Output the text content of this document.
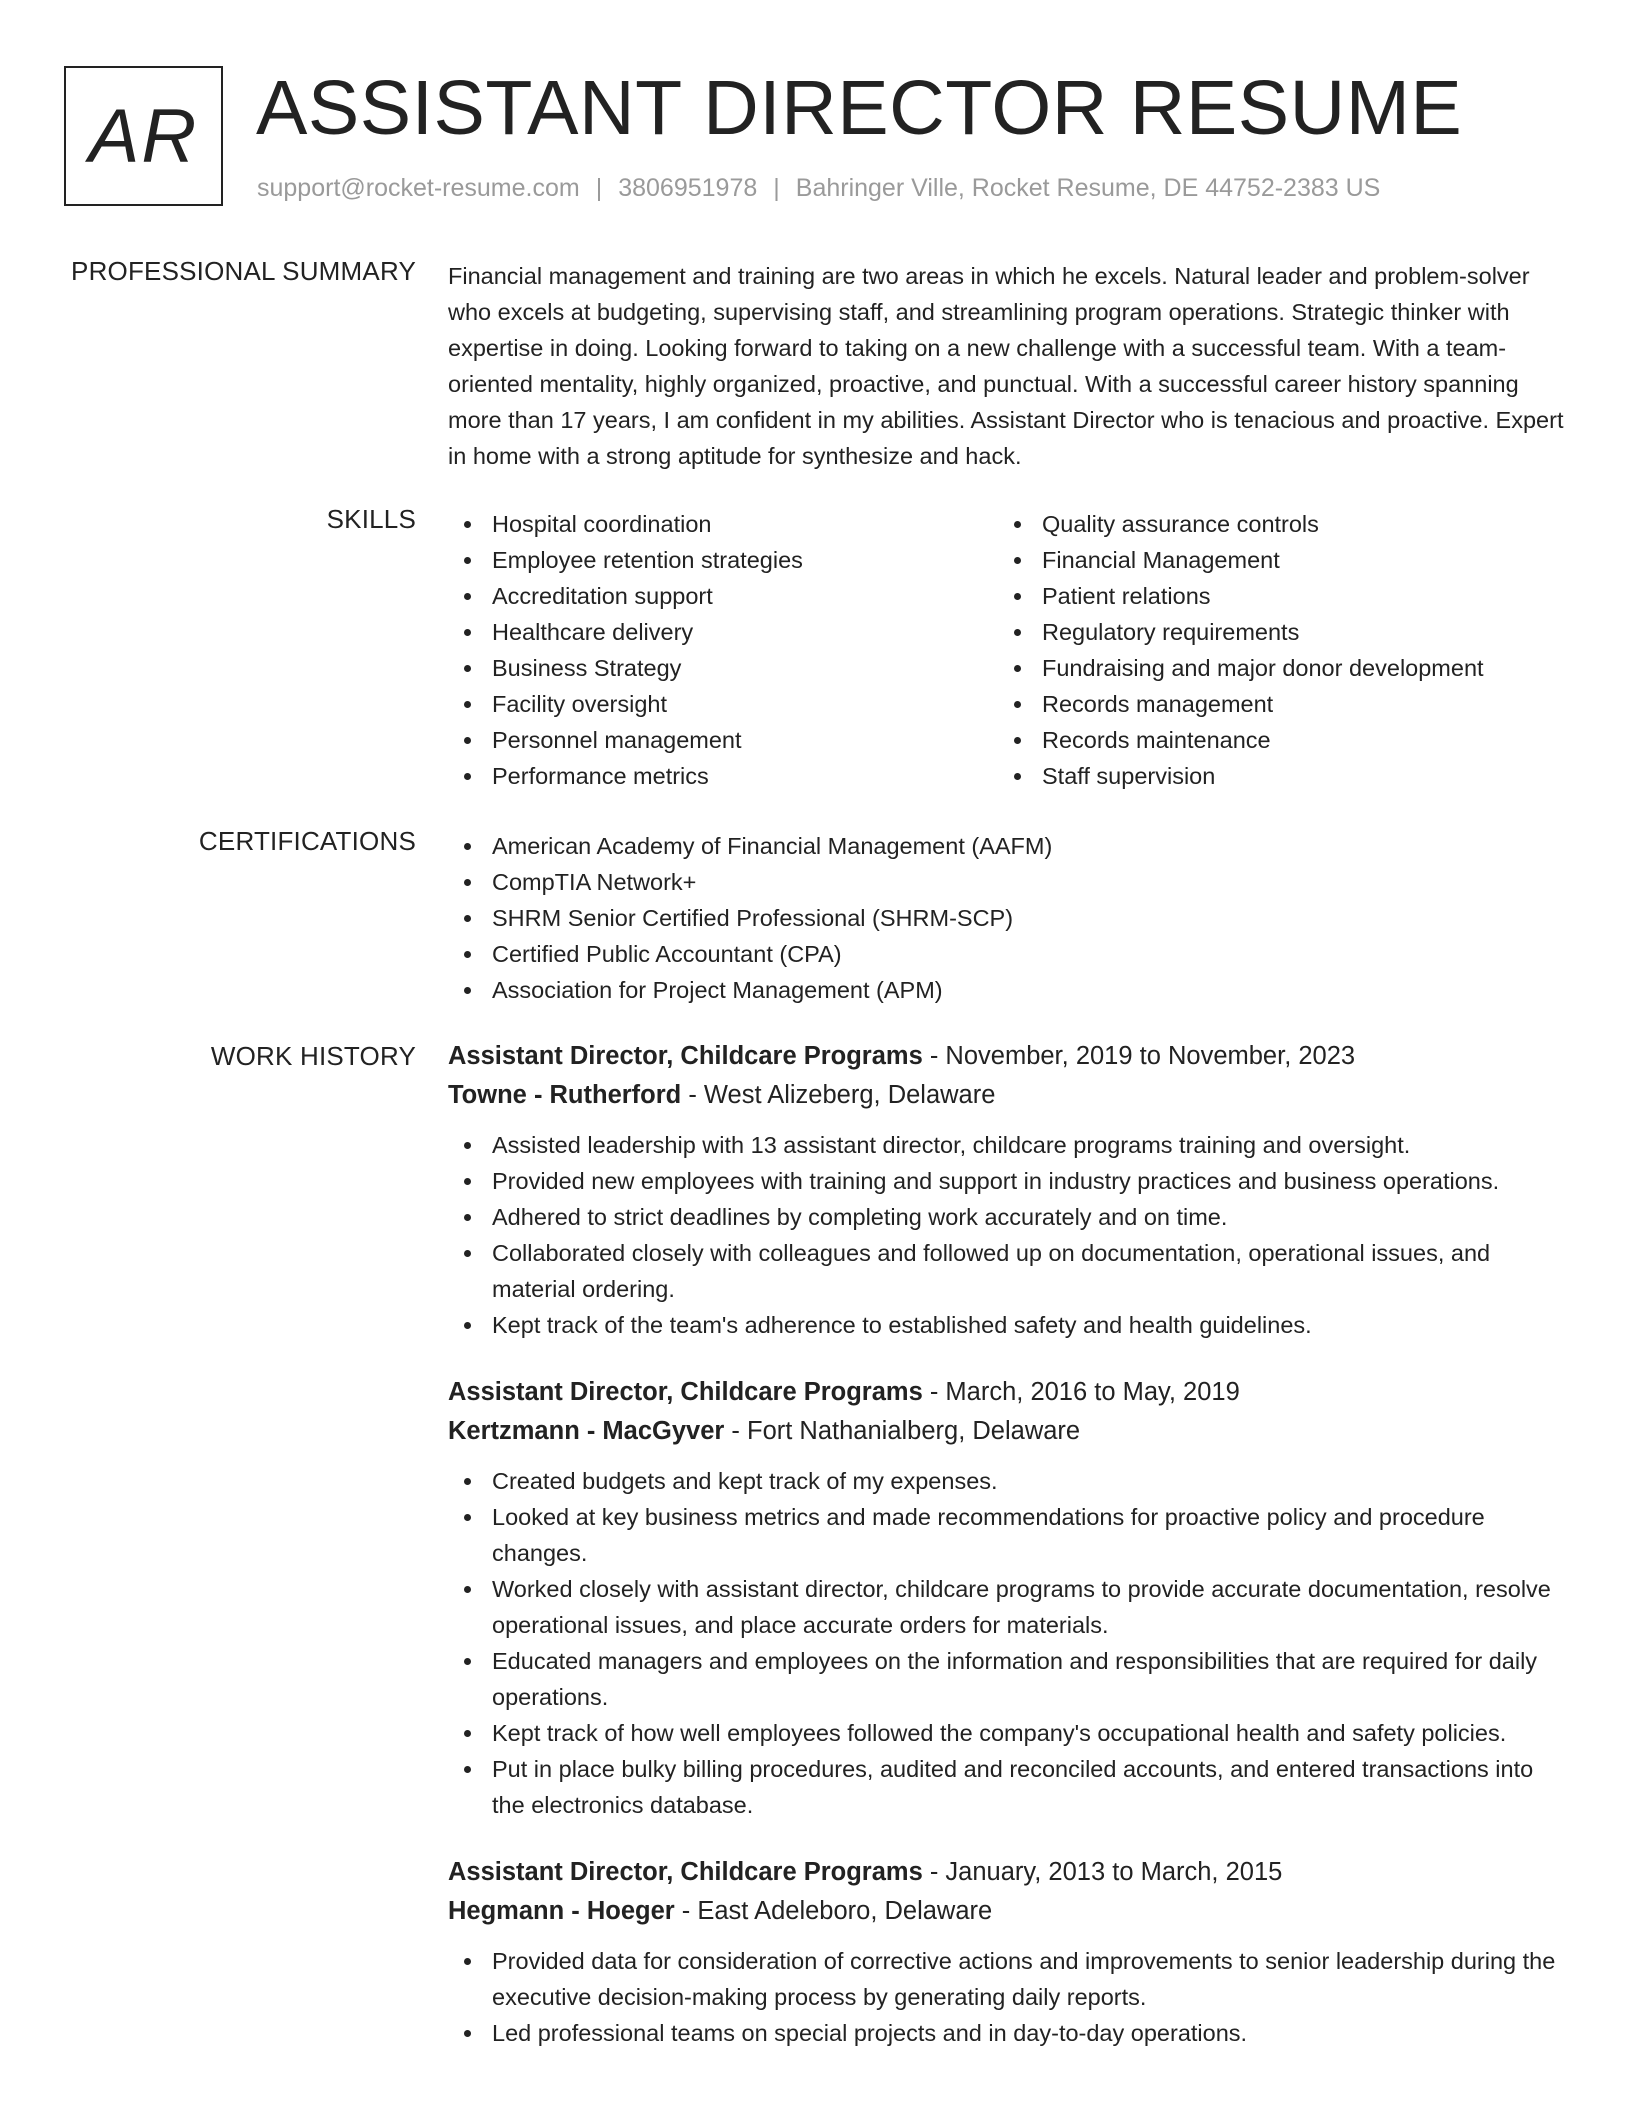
AR ASSISTANT DIRECTOR RESUME
support@rocket-resume.com | 3806951978 | Bahringer Ville, Rocket Resume, DE 44752-2383 US
PROFESSIONAL SUMMARY Financial management and training are two areas in which he excels. Natural leader and problem-solver who excels at budgeting, supervising staff, and streamlining program operations. Strategic thinker with expertise in doing. Looking forward to taking on a new challenge with a successful team. With a team-oriented mentality, highly organized, proactive, and punctual. With a successful career history spanning more than 17 years, I am confident in my abilities. Assistant Director who is tenacious and proactive. Expert in home with a strong aptitude for synthesize and hack.

SKILLS	Hospital coordination
Employee retention strategies
Accreditation support
Healthcare delivery
Business Strategy
Facility oversight
Personnel management
Performance metrics
Quality assurance controls
Financial Management
Patient relations
Regulatory requirements
Fundraising and major donor development
Records management
Records maintenance
Staff supervision
CERTIFICATIONS	American Academy of Financial Management (AAFM)
CompTIA Network+
SHRM Senior Certified Professional (SHRM-SCP)
Certified Public Accountant (CPA)
Association for Project Management (APM)
WORK HISTORY Assistant Director, Childcare Programs - November, 2019 to November, 2023
Towne - Rutherford - West Alizeberg, Delaware
Assisted leadership with 13 assistant director, childcare programs training and oversight.
Provided new employees with training and support in industry practices and business operations.
Adhered to strict deadlines by completing work accurately and on time.
Collaborated closely with colleagues and followed up on documentation, operational issues, and material ordering.
Kept track of the team's adherence to established safety and health guidelines.
Assistant Director, Childcare Programs - March, 2016 to May, 2019
Kertzmann - MacGyver - Fort Nathanialberg, Delaware
Created budgets and kept track of my expenses.
Looked at key business metrics and made recommendations for proactive policy and procedure changes.
Worked closely with assistant director, childcare programs to provide accurate documentation, resolve operational issues, and place accurate orders for materials.
Educated managers and employees on the information and responsibilities that are required for daily operations.
Kept track of how well employees followed the company's occupational health and safety policies.
Put in place bulky billing procedures, audited and reconciled accounts, and entered transactions into the electronics database.
Assistant Director, Childcare Programs - January, 2013 to March, 2015
Hegmann - Hoeger - East Adeleboro, Delaware
Provided data for consideration of corrective actions and improvements to senior leadership during the executive decision-making process by generating daily reports.
Led professional teams on special projects and in day-to-day operations.
